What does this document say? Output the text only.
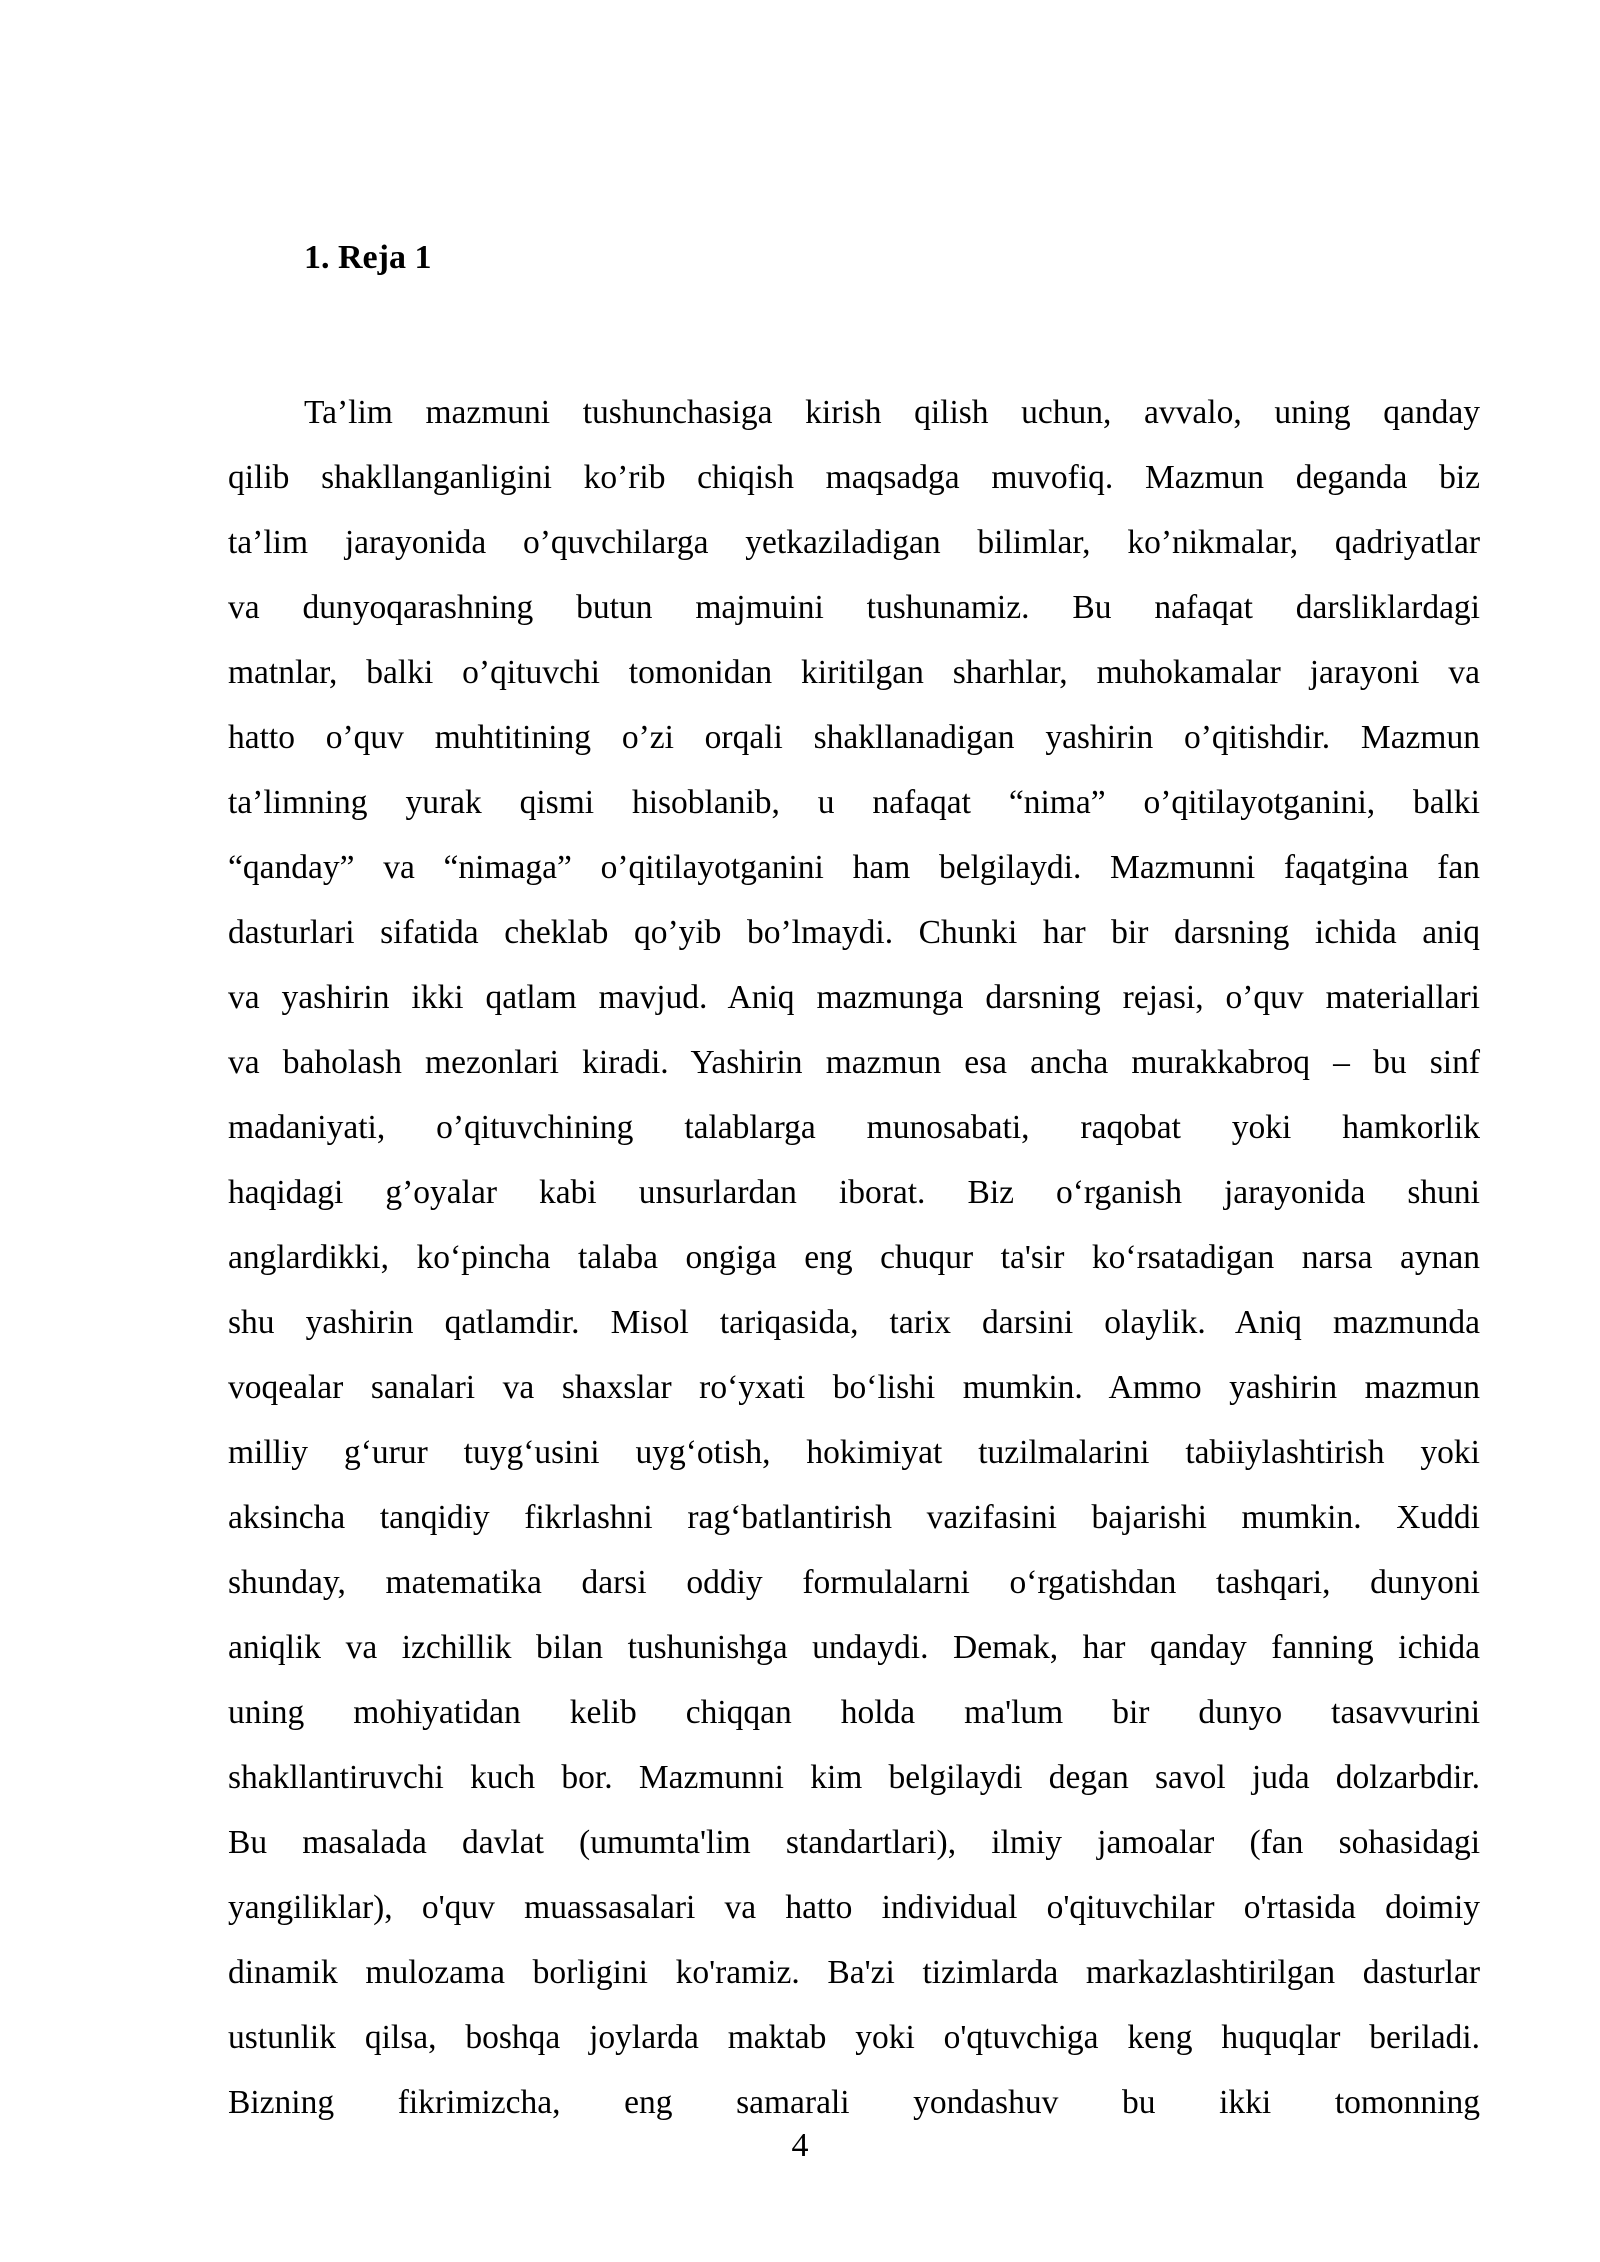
1. Reja 1
Ta’lim mazmuni tushunchasiga kirish qilish uchun, avvalo, uning qanday
qilib shakllanganligini ko’rib chiqish maqsadga muvofiq. Mazmun deganda biz
ta’lim jarayonida o’quvchilarga yetkaziladigan bilimlar, ko’nikmalar, qadriyatlar
va dunyoqarashning butun majmuini tushunamiz. Bu nafaqat darsliklardagi
matnlar, balki o’qituvchi tomonidan kiritilgan sharhlar, muhokamalar jarayoni va
hatto o’quv muhtitining o’zi orqali shakllanadigan yashirin o’qitishdir. Mazmun
ta’limning yurak qismi hisoblanib, u nafaqat “nima” o’qitilayotganini, balki
“qanday” va “nimaga” o’qitilayotganini ham belgilaydi. Mazmunni faqatgina fan
dasturlari sifatida cheklab qo’yib bo’lmaydi. Chunki har bir darsning ichida aniq
va yashirin ikki qatlam mavjud. Aniq mazmunga darsning rejasi, o’quv materiallari
va baholash mezonlari kiradi. Yashirin mazmun esa ancha murakkabroq – bu sinf
madaniyati, o’qituvchining talablarga munosabati, raqobat yoki hamkorlik
haqidagi g’oyalar kabi unsurlardan iborat. Biz o‘rganish jarayonida shuni
anglardikki, ko‘pincha talaba ongiga eng chuqur ta'sir ko‘rsatadigan narsa aynan
shu yashirin qatlamdir. Misol tariqasida, tarix darsini olaylik. Aniq mazmunda
voqealar sanalari va shaxslar ro‘yxati bo‘lishi mumkin. Ammo yashirin mazmun
milliy g‘urur tuyg‘usini uyg‘otish, hokimiyat tuzilmalarini tabiiylashtirish yoki
aksincha tanqidiy fikrlashni rag‘batlantirish vazifasini bajarishi mumkin. Xuddi
shunday, matematika darsi oddiy formulalarni o‘rgatishdan tashqari, dunyoni
aniqlik va izchillik bilan tushunishga undaydi. Demak, har qanday fanning ichida
uning mohiyatidan kelib chiqqan holda ma'lum bir dunyo tasavvurini
shakllantiruvchi kuch bor. Mazmunni kim belgilaydi degan savol juda dolzarbdir.
Bu masalada davlat (umumta'lim standartlari), ilmiy jamoalar (fan sohasidagi
yangiliklar), o'quv muassasalari va hatto individual o'qituvchilar o'rtasida doimiy
dinamik mulozama borligini ko'ramiz. Ba'zi tizimlarda markazlashtirilgan dasturlar
ustunlik qilsa, boshqa joylarda maktab yoki o'qtuvchiga keng huquqlar beriladi.
Bizning fikrimizcha, eng samarali yondashuv bu ikki tomonning
4
